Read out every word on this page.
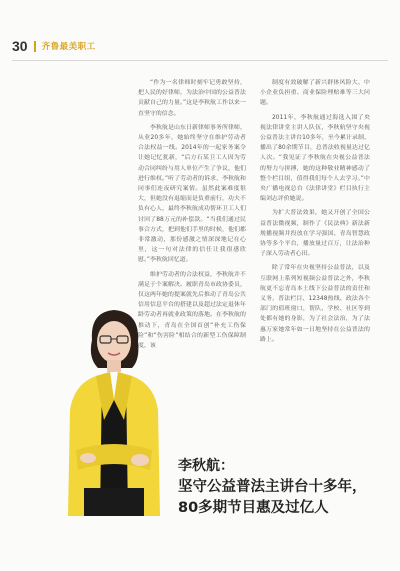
30 齐鲁最美职工

“作为一名律师时刻牢记勇敢坚持，把人民的好律师，为法治中国的公益普法贡献自己的力量。”这是李秋航工作以来一直坚守的信念。

李秋航是山东日新律师事务所律师，从业20多年，她始终坚守在维护劳动者合法权益一线。2014年的一起家务案令让她记忆犹新，“后方石某卫工人因为劳动合同纠纷与用人单位产生了争议，他们进行维权。”听了劳动者的诉求，李秋航和同事们连夜研究案情。虽然此案难度很大，但她没有退缩而是负重前行，功夫不负有心人，最终李秋航成功帮环卫工人们讨回了88万元的补偿款。“当我们通过民事合方式，把到他们手里的时候，他们都非常激动，那份感激之情深深地记在心里，这一句对法律的信任让我很感欣慰。”李秋航回忆道。

维护劳动者的合法权益，李秋航并不满足于个案解决。履职青岛市政协委员，仅这两年她的提案就先后推动了青岛公共信用信息平台的搭建以及超过法定退休年龄劳动者再就业政策的落地。在李秋航的推动下，青岛在全国首创“补充工伤保险”和“伤害险”相结合的新型工伤保障制度，该

制度有效破解了新兴群体风险大、中小企业负担重、商业保险理赔难等三大问题。

2011年，李秋航通过海选入围了央视法律讲堂主讲人队伍，李秋航坚守央视公益普法主讲台10多年，至今累计录制、播出了80余期节目，总普法收视量达过亿人次。“我见证了李秋航在央视公益普法的努力与拼搏，她的这种敬业精神感动了整个栏目组，值得我们每个人去学习。”中央广播电视总台《法律讲堂》栏目执行主编刘志评价她说。

为扩大普法效果，她又开创了全国公益普法微视频，制作了《民法典》新法新规播视频并投放在学习强国、青岛智慧政协等多个平台，播放量过百万，让法治种子深入劳动者心田。

除了常年在央视坚持公益普法，以及互联网上系列短视频公益普法之外，李秋航更不忘青岛本土线下公益普法的责任和义务，普法栏目、12348热线、政法各个部门的值班窗口，帮队、学校、社区等到处都有她的身影，为了社会法治，为了法惠万家她常年如一日地坚持在公益普法的路上。

李秋航：

坚守公益普法主讲台十多年，

80多期节目惠及过亿人
